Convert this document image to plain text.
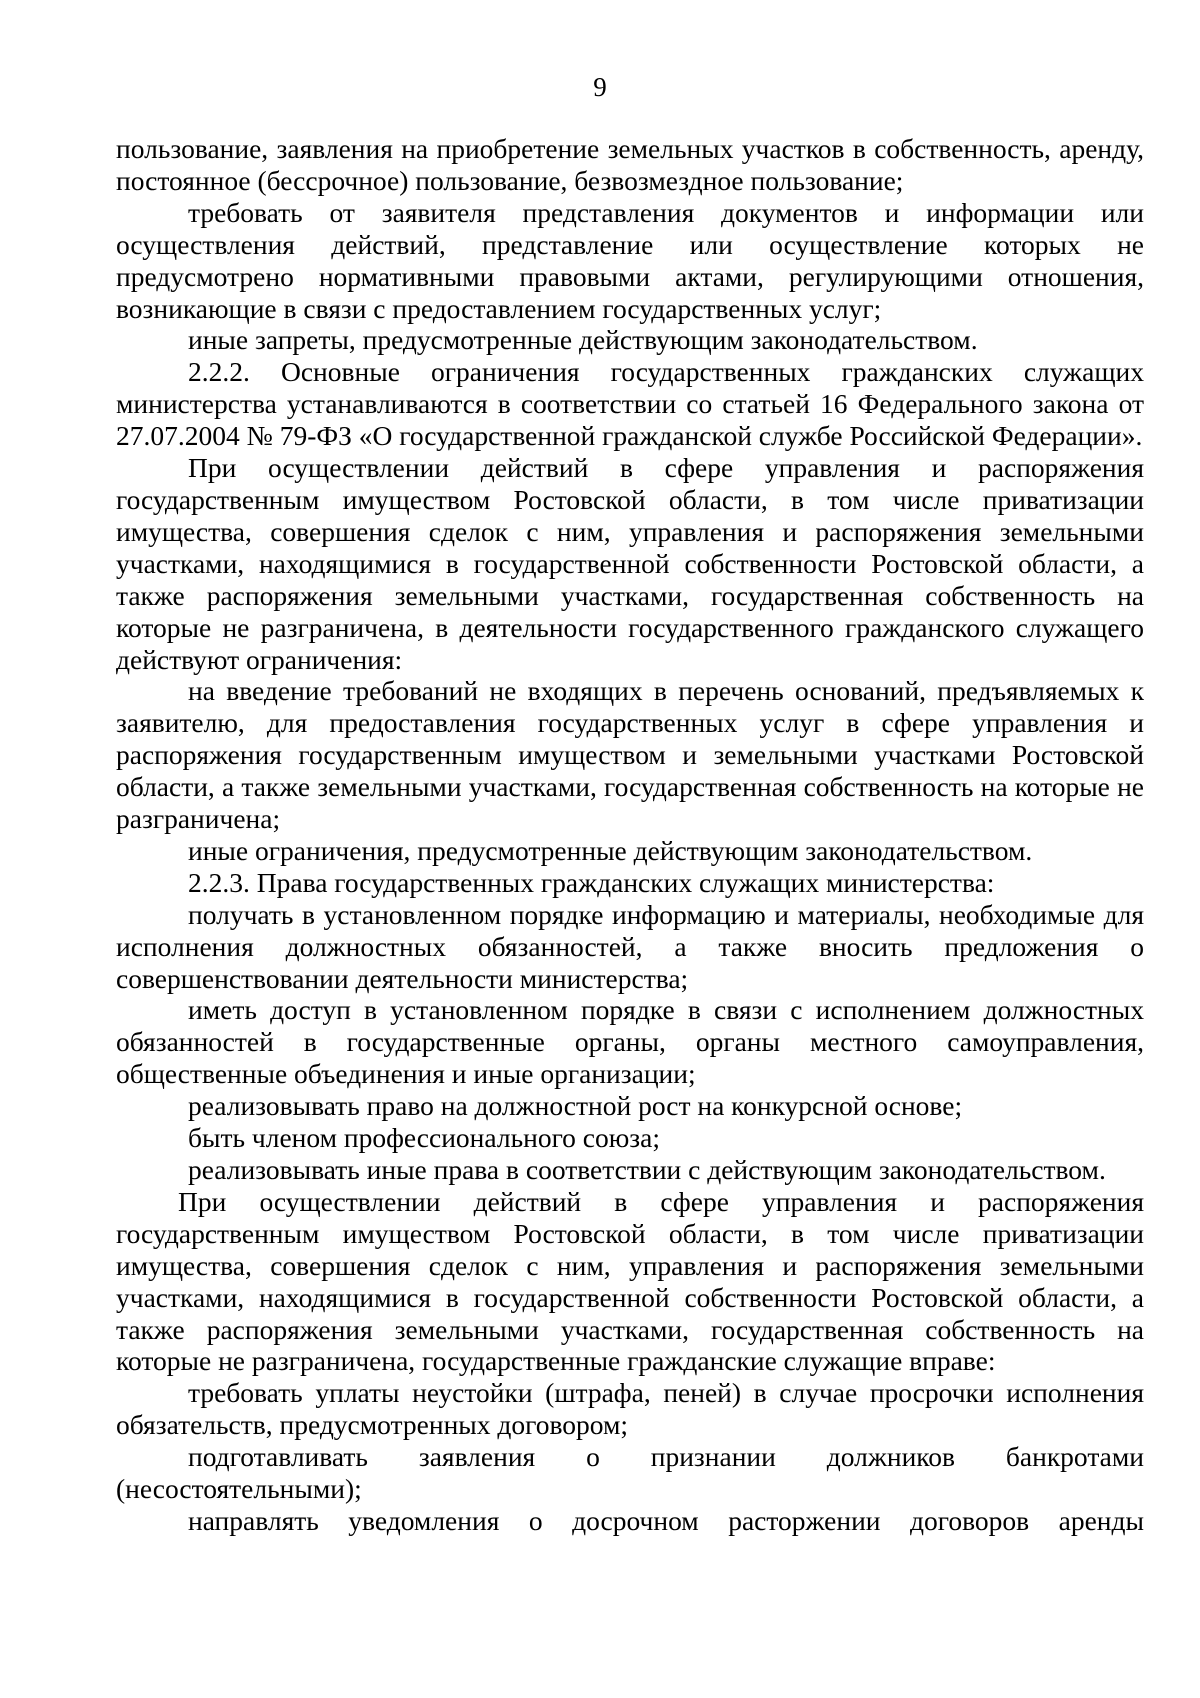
9

пользование, заявления на приобретение земельных участков в собственность, аренду, постоянное (бессрочное) пользование, безвозмездное пользование;

требовать от заявителя представления документов и информации или осуществления действий, представление или осуществление которых не предусмотрено нормативными правовыми актами, регулирующими отношения, возникающие в связи с предоставлением государственных услуг;

иные запреты, предусмотренные действующим законодательством.

2.2.2. Основные ограничения государственных гражданских служащих министерства устанавливаются в соответствии со статьей 16 Федерального закона от 27.07.2004 № 79-ФЗ «О государственной гражданской службе Российской Федерации».

При осуществлении действий в сфере управления и распоряжения государственным имуществом Ростовской области, в том числе приватизации имущества, совершения сделок с ним, управления и распоряжения земельными участками, находящимися в государственной собственности Ростовской области, а также распоряжения земельными участками, государственная собственность на которые не разграничена, в деятельности государственного гражданского служащего действуют ограничения:

на введение требований не входящих в перечень оснований, предъявляемых к заявителю, для предоставления государственных услуг в сфере управления и распоряжения государственным имуществом и земельными участками Ростовской области, а также земельными участками, государственная собственность на которые не разграничена;

иные ограничения, предусмотренные действующим законодательством.

2.2.3. Права государственных гражданских служащих министерства:

получать в установленном порядке информацию и материалы, необходимые для исполнения должностных обязанностей, а также вносить предложения о совершенствовании деятельности министерства;

иметь доступ в установленном порядке в связи с исполнением должностных обязанностей в государственные органы, органы местного самоуправления, общественные объединения и иные организации;

реализовывать право на должностной рост на конкурсной основе;

быть членом профессионального союза;

реализовывать иные права в соответствии с действующим законодательством.

При осуществлении действий в сфере управления и распоряжения государственным имуществом Ростовской области, в том числе приватизации имущества, совершения сделок с ним, управления и распоряжения земельными участками, находящимися в государственной собственности Ростовской области, а также распоряжения земельными участками, государственная собственность на которые не разграничена, государственные гражданские служащие вправе:

требовать уплаты неустойки (штрафа, пеней) в случае просрочки исполнения обязательств, предусмотренных договором;

подготавливать заявления о признании должников банкротами (несостоятельными);

направлять уведомления о досрочном расторжении договоров аренды
